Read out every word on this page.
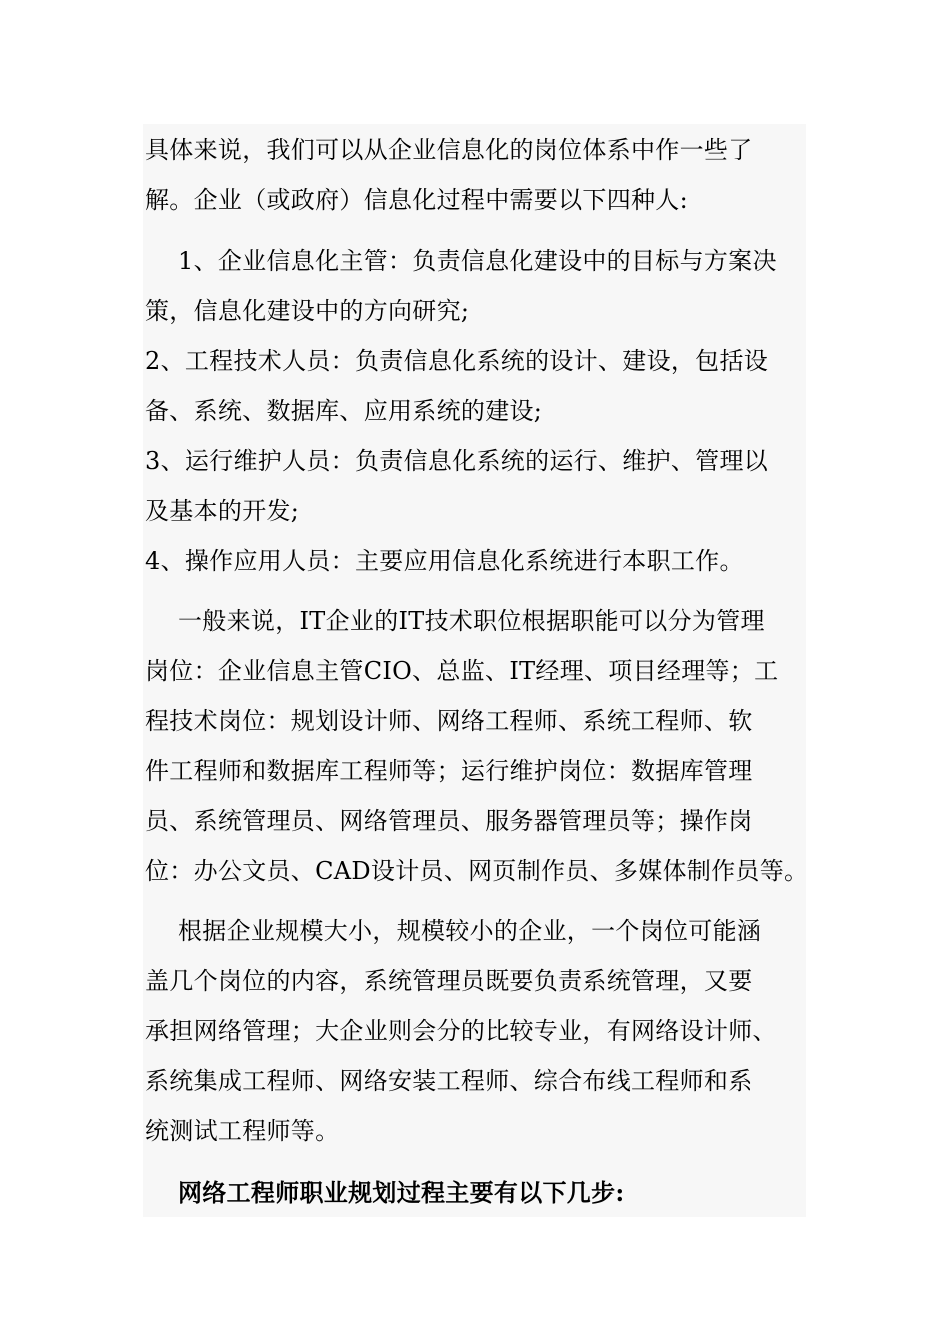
具体来说，我们可以从企业信息化的岗位体系中作一些了
解。企业（或政府）信息化过程中需要以下四种人:
1、企业信息化主管：负责信息化建设中的目标与方案决
策，信息化建设中的方向研究;
2、工程技术人员：负责信息化系统的设计、建设，包括设
备、系统、数据库、应用系统的建设;
3、运行维护人员：负责信息化系统的运行、维护、管理以
及基本的开发;
4、操作应用人员：主要应用信息化系统进行本职工作。
一般来说，IT企业的IT技术职位根据职能可以分为管理
岗位：企业信息主管CIO、总监、IT经理、项目经理等；工
程技术岗位：规划设计师、网络工程师、系统工程师、软
件工程师和数据库工程师等；运行维护岗位：数据库管理
员、系统管理员、网络管理员、服务器管理员等；操作岗
位：办公文员、CAD设计员、网页制作员、多媒体制作员等。
根据企业规模大小，规模较小的企业，一个岗位可能涵
盖几个岗位的内容，系统管理员既要负责系统管理，又要
承担网络管理；大企业则会分的比较专业，有网络设计师、
系统集成工程师、网络安装工程师、综合布线工程师和系
统测试工程师等。
网络工程师职业规划过程主要有以下几步:
